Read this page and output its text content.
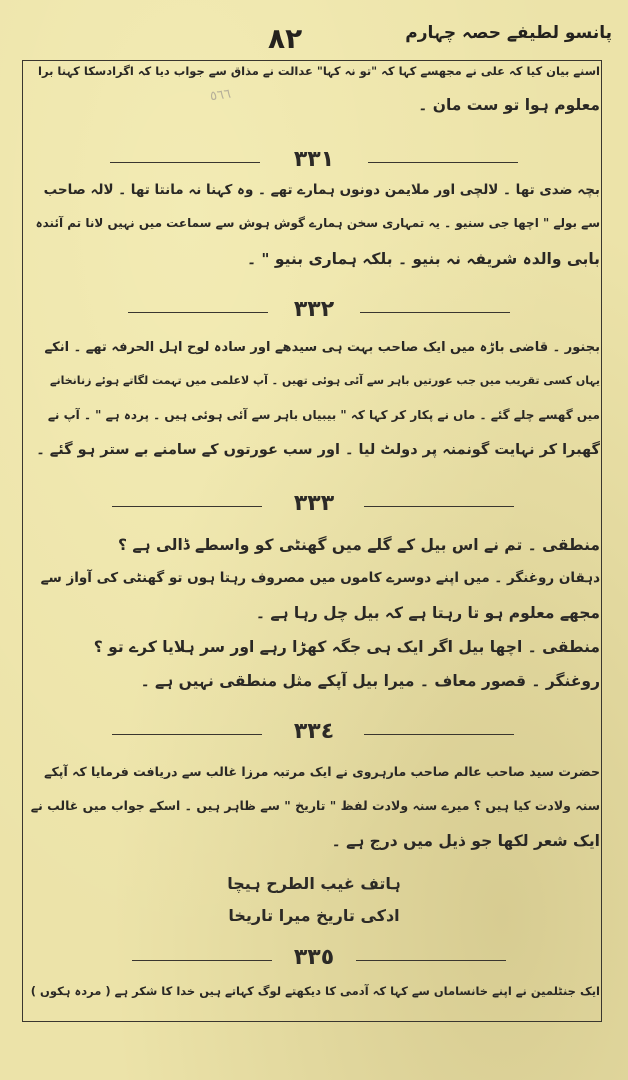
٨٢	پانسو لطیفے حصہ چہارم
٥٦٦
اسنے بیان کیا کہ علی نے مجھسے کہا کہ "تو نہ کہا" عدالت نے مذاق سے جواب دیا کہ اگرادسکا کہنا برا
معلوم ہوا تو ست مان ۔
٣٣١
بچہ ضدی تھا ۔ لالچی اور ملایمن دونوں ہمارے تھے ۔ وہ کہنا نہ مانتا تھا ۔ لالہ صاحب
سے بولے " اچھا جی سنیو ۔ یہ تمہاری سخن ہمارے گوش ہوش سے سماعت میں نہیں لانا تم آئندہ
بابی والدہ شریفہ نہ بنیو ۔ بلکہ ہماری بنیو " ۔
٣٣٢
بجنور ۔ قاضی باڑہ میں ایک صاحب بہت ہی سیدھے اور سادہ لوح اہل الحرفہ تھے ۔ انکے
یہاں کسی تقریب میں جب عورتیں باہر سے آئی ہوئی تھیں ۔ آپ لاعلمی میں تہمت لگاتے ہوئے زنانخانے
میں گھسے چلے گئے ۔ ماں نے پکار کر کہا کہ " بیبیاں باہر سے آئی ہوئی ہیں ۔ پردہ ہے " ۔ آپ نے
گھبرا کر نہایت گونمنہ پر دولٹ لیا ۔ اور سب عورتوں کے سامنے بے ستر ہو گئے ۔
٣٣٣
منطقی ۔ تم نے اس بیل کے گلے میں گھنٹی کو واسطے ڈالی ہے ؟
دہقان روغنگر ۔ میں اپنے دوسرے کاموں میں مصروف رہتا ہوں تو گھنٹی کی آواز سے
مجھے معلوم ہو تا رہتا ہے کہ بیل چل رہا ہے ۔
منطقی ۔ اچھا بیل اگر ایک ہی جگہ کھڑا رہے اور سر ہلایا کرے تو ؟
روغنگر ۔ قصور معاف ۔ میرا بیل آپکے مثل منطقی نہیں ہے ۔
٣٣٤
حضرت سید صاحب عالم صاحب مارہروی نے ایک مرتبہ مرزا غالب سے دریافت فرمایا کہ آپکے
سنہ ولادت کیا ہیں ؟ میرے سنہ ولادت لفظ " تاریخ " سے ظاہر ہیں ۔ اسکے جواب میں غالب نے
ایک شعر لکھا جو ذیل میں درج ہے ۔
ہاتف غیب الطرح ہیچا
ادکی تاریخ میرا تاریخا
٣٣٥
ایک جنٹلمین نے اپنے خانساماں سے کہا کہ آدمی کا دیکھتے لوگ کہاتے ہیں خدا کا شکر ہے ( مردہ ہکوں )
